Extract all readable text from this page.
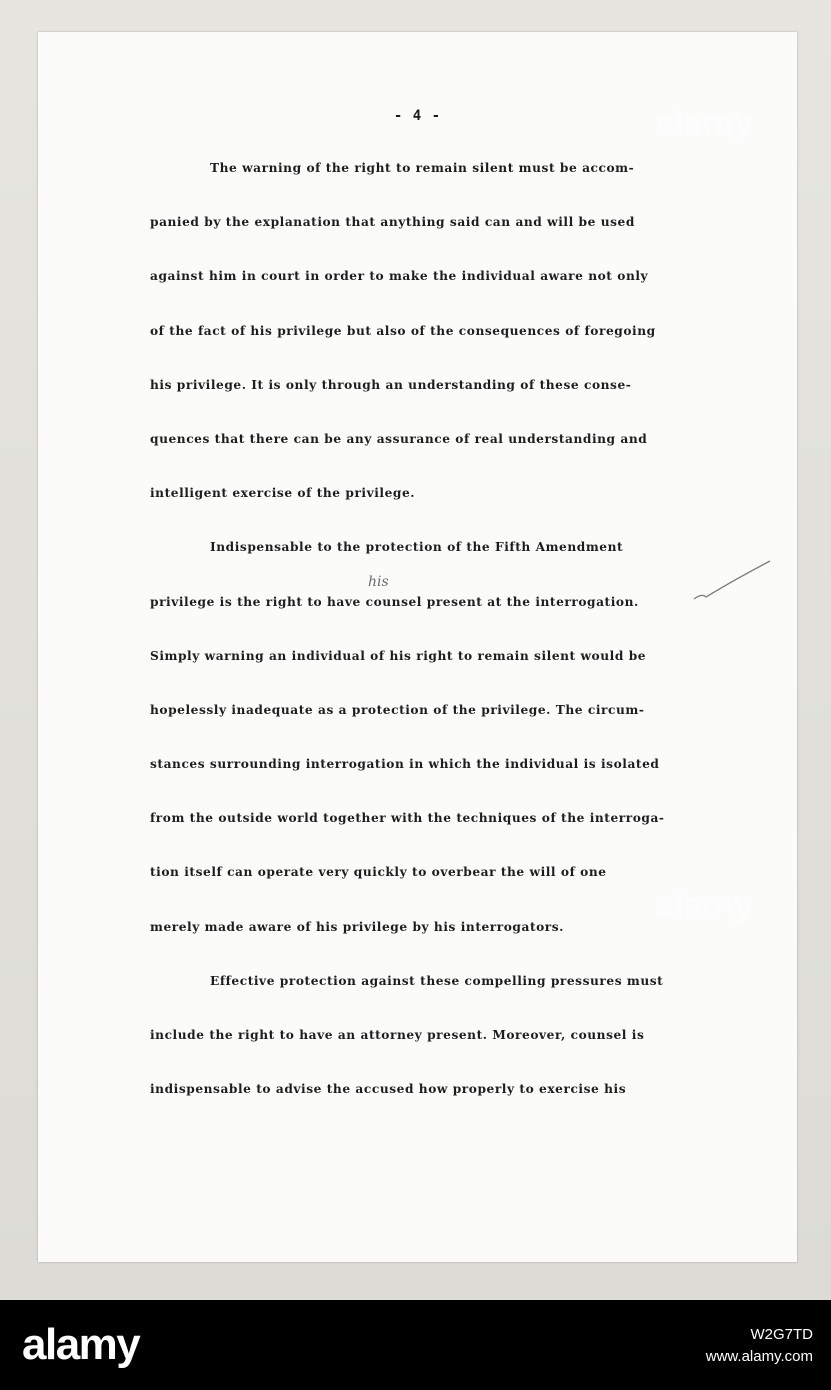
- 4 -
The warning of the right to remain silent must be accom-
panied by the explanation that anything said can and will be used
against him in court in order to make the individual aware not only
of the fact of his privilege but also of the consequences of foregoing
his privilege. It is only through an understanding of these conse-
quences that there can be any assurance of real understanding and
intelligent exercise of the privilege.
Indispensable to the protection of the Fifth Amendment
privilege is the right to have counsel present at the interrogation.
Simply warning an individual of his right to remain silent would be
hopelessly inadequate as a protection of the privilege. The circum-
stances surrounding interrogation in which the individual is isolated
from the outside world together with the techniques of the interroga-
tion itself can operate very quickly to overbear the will of one
merely made aware of his privilege by his interrogators.
Effective protection against these compelling pressures must
include the right to have an attorney present. Moreover, counsel is
indispensable to advise the accused how properly to exercise his
his
alamy
alamy
alamy	W2G7TD
www.alamy.com
